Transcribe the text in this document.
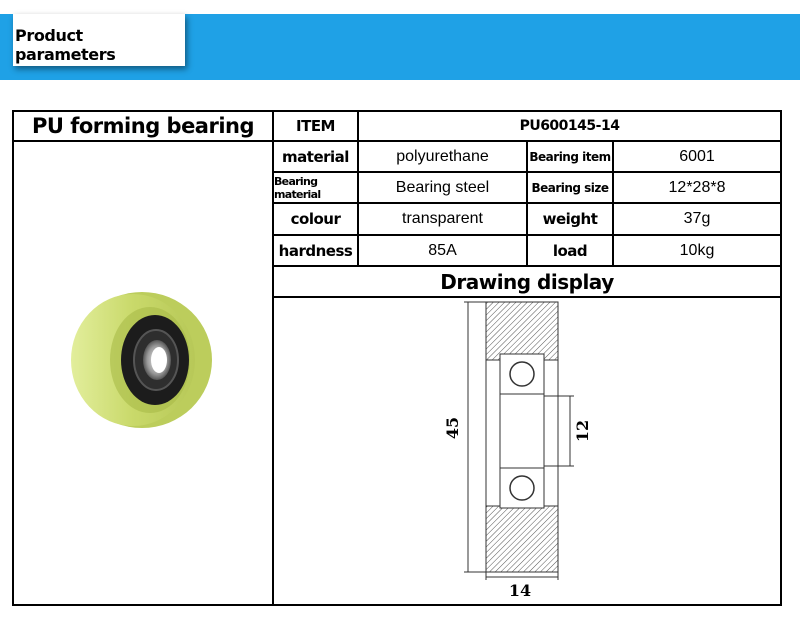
Product parameters
PU forming bearing	ITEM	PU600145-14
material	polyurethane	Bearing item	6001
Bearing material	Bearing steel	Bearing size	12*28*8
colour	transparent	weight	37g
hardness	85A	load	10kg
Drawing display
45	12
14
